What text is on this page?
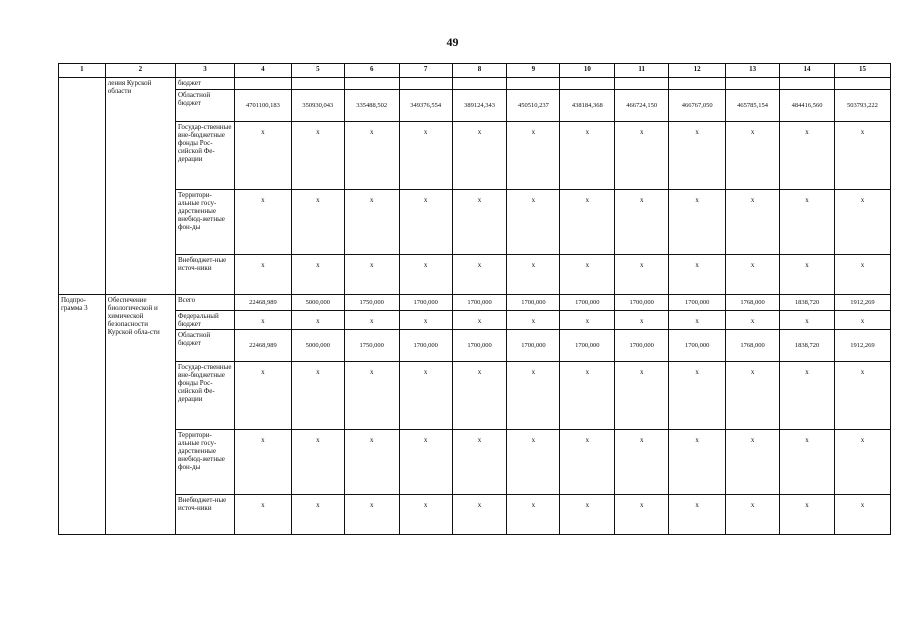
49
1	2	3	4	5	6	7	8	9	10	11	12	13	14	15
	ления Курской области	бюджет												
		Областной бюджет	4701100,183	350930,043	335488,502	349376,554	389124,343	450510,237	438184,368	466724,150	466767,050	465785,154	484416,560	503793,222
		Государ-ственные вне-бюджетные фонды Рос-сийской Фе-дерации	x	x	x	x	x	x	x	x	x	x	x	x
		Территори-альные госу-дарственные внебюд-жетные фон-ды	x	x	x	x	x	x	x	x	x	x	x	x
		Внебюджет-ные источ-ники	x	x	x	x	x	x	x	x	x	x	x	x
Подпро-грамма 3	Обеспечение биологической и химической безопасности Курской обла-сти	Всего	22468,989	5000,000	1750,000	1700,000	1700,000	1700,000	1700,000	1700,000	1700,000	1768,000	1838,720	1912,269
		Федеральный бюджет	x	x	x	x	x	x	x	x	x	x	x	x
		Областной бюджет	22468,989	5000,000	1750,000	1700,000	1700,000	1700,000	1700,000	1700,000	1700,000	1768,000	1838,720	1912,269
		Государ-ственные вне-бюджетные фонды Рос-сийской Фе-дерации	x	x	x	x	x	x	x	x	x	x	x	x
		Территори-альные госу-дарственные внебюд-жетные фон-ды	x	x	x	x	x	x	x	x	x	x	x	x
		Внебюджет-ные источ-ники	x	x	x	x	x	x	x	x	x	x	x	x
